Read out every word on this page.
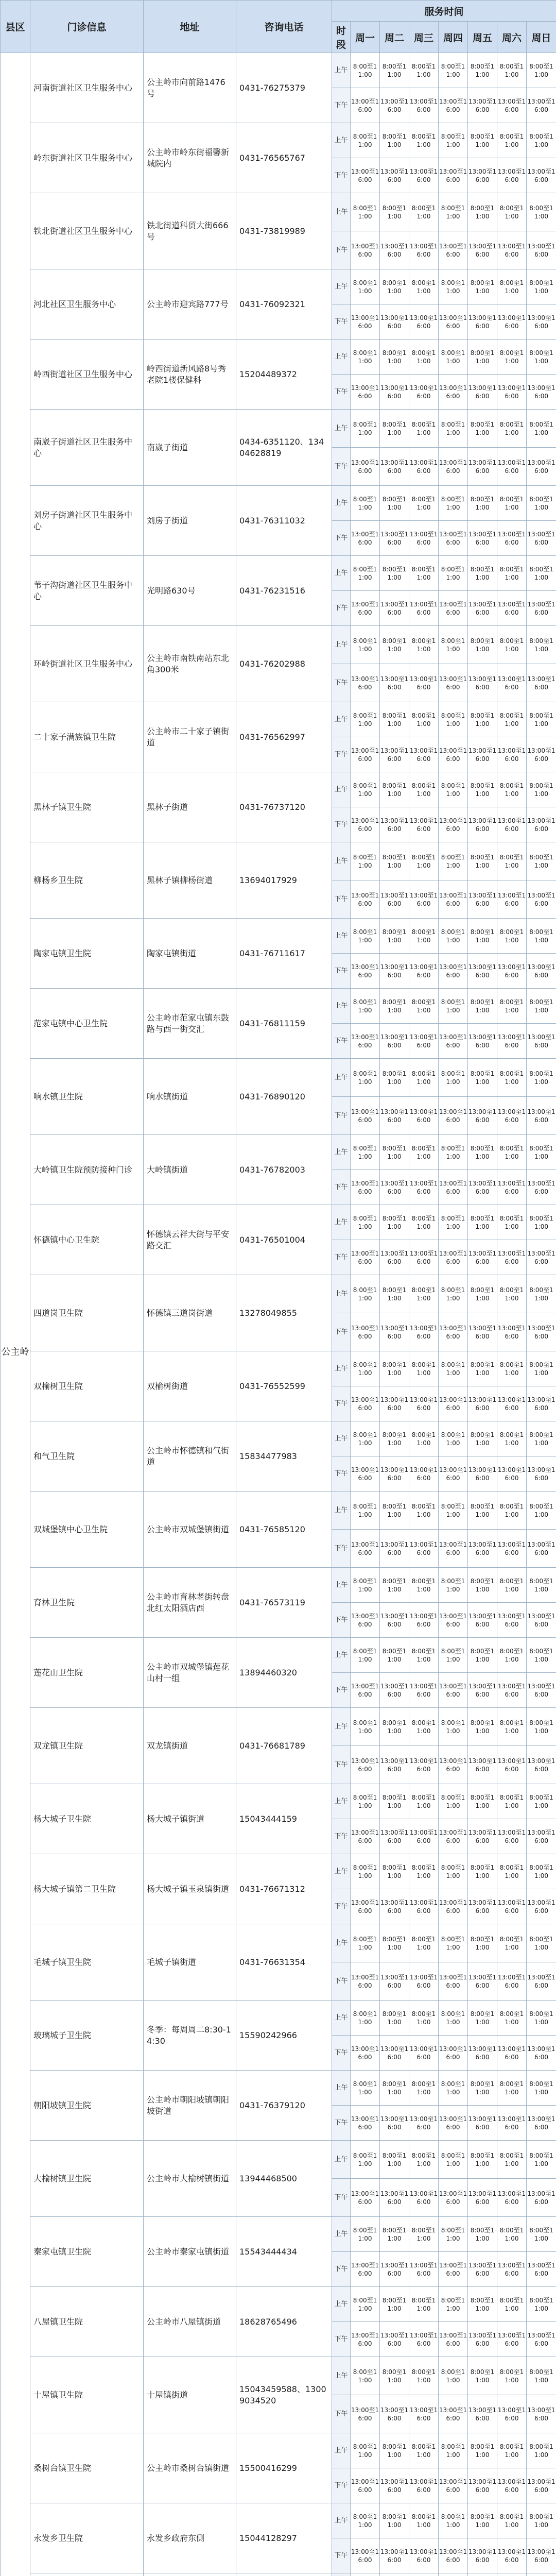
县区	门诊信息	地址	咨询电话	服务时间							
				时段	周一	周二	周三	周四	周五	周六	周日
公主岭	河南街道社区卫生服务中心	公主岭市向前路1476号	0431-76275379	上午	8:00至11:00	8:00至11:00	8:00至11:00	8:00至11:00	8:00至11:00	8:00至11:00	8:00至11:00
				下午	13:00至16:00	13:00至16:00	13:00至16:00	13:00至16:00	13:00至16:00	13:00至16:00	13:00至16:00
	岭东街道社区卫生服务中心	公主岭市岭东街福馨新城院内	0431-76565767	上午	8:00至11:00	8:00至11:00	8:00至11:00	8:00至11:00	8:00至11:00	8:00至11:00	8:00至11:00
				下午	13:00至16:00	13:00至16:00	13:00至16:00	13:00至16:00	13:00至16:00	13:00至16:00	13:00至16:00
	铁北街道社区卫生服务中心	铁北街道科贸大街666号	0431-73819989	上午	8:00至11:00	8:00至11:00	8:00至11:00	8:00至11:00	8:00至11:00	8:00至11:00	8:00至11:00
				下午	13:00至16:00	13:00至16:00	13:00至16:00	13:00至16:00	13:00至16:00	13:00至16:00	13:00至16:00
	河北社区卫生服务中心	公主岭市迎宾路777号	0431-76092321	上午	8:00至11:00	8:00至11:00	8:00至11:00	8:00至11:00	8:00至11:00	8:00至11:00	8:00至11:00
				下午	13:00至16:00	13:00至16:00	13:00至16:00	13:00至16:00	13:00至16:00	13:00至16:00	13:00至16:00
	岭西街道社区卫生服务中心	岭西街道新风路8号秀老院1楼保健科	15204489372	上午	8:00至11:00	8:00至11:00	8:00至11:00	8:00至11:00	8:00至11:00	8:00至11:00	8:00至11:00
				下午	13:00至16:00	13:00至16:00	13:00至16:00	13:00至16:00	13:00至16:00	13:00至16:00	13:00至16:00
	南崴子街道社区卫生服务中心	南崴子街道	0434-6351120、13404628819	上午	8:00至11:00	8:00至11:00	8:00至11:00	8:00至11:00	8:00至11:00	8:00至11:00	8:00至11:00
				下午	13:00至16:00	13:00至16:00	13:00至16:00	13:00至16:00	13:00至16:00	13:00至16:00	13:00至16:00
	刘房子街道社区卫生服务中心	刘房子街道	0431-76311032	上午	8:00至11:00	8:00至11:00	8:00至11:00	8:00至11:00	8:00至11:00	8:00至11:00	8:00至11:00
				下午	13:00至16:00	13:00至16:00	13:00至16:00	13:00至16:00	13:00至16:00	13:00至16:00	13:00至16:00
	苇子沟街道社区卫生服务中心	光明路630号	0431-76231516	上午	8:00至11:00	8:00至11:00	8:00至11:00	8:00至11:00	8:00至11:00	8:00至11:00	8:00至11:00
				下午	13:00至16:00	13:00至16:00	13:00至16:00	13:00至16:00	13:00至16:00	13:00至16:00	13:00至16:00
	环岭街道社区卫生服务中心	公主岭市南铁南站东北角300米	0431-76202988	上午	8:00至11:00	8:00至11:00	8:00至11:00	8:00至11:00	8:00至11:00	8:00至11:00	8:00至11:00
				下午	13:00至16:00	13:00至16:00	13:00至16:00	13:00至16:00	13:00至16:00	13:00至16:00	13:00至16:00
	二十家子满族镇卫生院	公主岭市二十家子镇街道	0431-76562997	上午	8:00至11:00	8:00至11:00	8:00至11:00	8:00至11:00	8:00至11:00	8:00至11:00	8:00至11:00
				下午	13:00至16:00	13:00至16:00	13:00至16:00	13:00至16:00	13:00至16:00	13:00至16:00	13:00至16:00
	黑林子镇卫生院	黑林子街道	0431-76737120	上午	8:00至11:00	8:00至11:00	8:00至11:00	8:00至11:00	8:00至11:00	8:00至11:00	8:00至11:00
				下午	13:00至16:00	13:00至16:00	13:00至16:00	13:00至16:00	13:00至16:00	13:00至16:00	13:00至16:00
	柳杨乡卫生院	黑林子镇柳杨街道	13694017929	上午	8:00至11:00	8:00至11:00	8:00至11:00	8:00至11:00	8:00至11:00	8:00至11:00	8:00至11:00
				下午	13:00至16:00	13:00至16:00	13:00至16:00	13:00至16:00	13:00至16:00	13:00至16:00	13:00至16:00
	陶家屯镇卫生院	陶家屯镇街道	0431-76711617	上午	8:00至11:00	8:00至11:00	8:00至11:00	8:00至11:00	8:00至11:00	8:00至11:00	8:00至11:00
				下午	13:00至16:00	13:00至16:00	13:00至16:00	13:00至16:00	13:00至16:00	13:00至16:00	13:00至16:00
	范家屯镇中心卫生院	公主岭市范家屯镇东鼓路与西一街交汇	0431-76811159	上午	8:00至11:00	8:00至11:00	8:00至11:00	8:00至11:00	8:00至11:00	8:00至11:00	8:00至11:00
				下午	13:00至16:00	13:00至16:00	13:00至16:00	13:00至16:00	13:00至16:00	13:00至16:00	13:00至16:00
	响水镇卫生院	响水镇街道	0431-76890120	上午	8:00至11:00	8:00至11:00	8:00至11:00	8:00至11:00	8:00至11:00	8:00至11:00	8:00至11:00
				下午	13:00至16:00	13:00至16:00	13:00至16:00	13:00至16:00	13:00至16:00	13:00至16:00	13:00至16:00
	大岭镇卫生院预防接种门诊	大岭镇街道	0431-76782003	上午	8:00至11:00	8:00至11:00	8:00至11:00	8:00至11:00	8:00至11:00	8:00至11:00	8:00至11:00
				下午	13:00至16:00	13:00至16:00	13:00至16:00	13:00至16:00	13:00至16:00	13:00至16:00	13:00至16:00
	怀德镇中心卫生院	怀德镇云祥大街与平安路交汇	0431-76501004	上午	8:00至11:00	8:00至11:00	8:00至11:00	8:00至11:00	8:00至11:00	8:00至11:00	8:00至11:00
				下午	13:00至16:00	13:00至16:00	13:00至16:00	13:00至16:00	13:00至16:00	13:00至16:00	13:00至16:00
	四道岗卫生院	怀德镇三道岗街道	13278049855	上午	8:00至11:00	8:00至11:00	8:00至11:00	8:00至11:00	8:00至11:00	8:00至11:00	8:00至11:00
				下午	13:00至16:00	13:00至16:00	13:00至16:00	13:00至16:00	13:00至16:00	13:00至16:00	13:00至16:00
	双榆树卫生院	双榆树街道	0431-76552599	上午	8:00至11:00	8:00至11:00	8:00至11:00	8:00至11:00	8:00至11:00	8:00至11:00	8:00至11:00
				下午	13:00至16:00	13:00至16:00	13:00至16:00	13:00至16:00	13:00至16:00	13:00至16:00	13:00至16:00
	和气卫生院	公主岭市怀德镇和气街道	15834477983	上午	8:00至11:00	8:00至11:00	8:00至11:00	8:00至11:00	8:00至11:00	8:00至11:00	8:00至11:00
				下午	13:00至16:00	13:00至16:00	13:00至16:00	13:00至16:00	13:00至16:00	13:00至16:00	13:00至16:00
	双城堡镇中心卫生院	公主岭市双城堡镇街道	0431-76585120	上午	8:00至11:00	8:00至11:00	8:00至11:00	8:00至11:00	8:00至11:00	8:00至11:00	8:00至11:00
				下午	13:00至16:00	13:00至16:00	13:00至16:00	13:00至16:00	13:00至16:00	13:00至16:00	13:00至16:00
	育林卫生院	公主岭市育林老街转盘北红太阳酒店西	0431-76573119	上午	8:00至11:00	8:00至11:00	8:00至11:00	8:00至11:00	8:00至11:00	8:00至11:00	8:00至11:00
				下午	13:00至16:00	13:00至16:00	13:00至16:00	13:00至16:00	13:00至16:00	13:00至16:00	13:00至16:00
	莲花山卫生院	公主岭市双城堡镇莲花山村一组	13894460320	上午	8:00至11:00	8:00至11:00	8:00至11:00	8:00至11:00	8:00至11:00	8:00至11:00	8:00至11:00
				下午	13:00至16:00	13:00至16:00	13:00至16:00	13:00至16:00	13:00至16:00	13:00至16:00	13:00至16:00
	双龙镇卫生院	双龙镇街道	0431-76681789	上午	8:00至11:00	8:00至11:00	8:00至11:00	8:00至11:00	8:00至11:00	8:00至11:00	8:00至11:00
				下午	13:00至16:00	13:00至16:00	13:00至16:00	13:00至16:00	13:00至16:00	13:00至16:00	13:00至16:00
	杨大城子卫生院	杨大城子镇街道	15043444159	上午	8:00至11:00	8:00至11:00	8:00至11:00	8:00至11:00	8:00至11:00	8:00至11:00	8:00至11:00
				下午	13:00至16:00	13:00至16:00	13:00至16:00	13:00至16:00	13:00至16:00	13:00至16:00	13:00至16:00
	杨大城子镇第二卫生院	杨大城子镇玉泉镇街道	0431-76671312	上午	8:00至11:00	8:00至11:00	8:00至11:00	8:00至11:00	8:00至11:00	8:00至11:00	8:00至11:00
				下午	13:00至16:00	13:00至16:00	13:00至16:00	13:00至16:00	13:00至16:00	13:00至16:00	13:00至16:00
	毛城子镇卫生院	毛城子镇街道	0431-76631354	上午	8:00至11:00	8:00至11:00	8:00至11:00	8:00至11:00	8:00至11:00	8:00至11:00	8:00至11:00
				下午	13:00至16:00	13:00至16:00	13:00至16:00	13:00至16:00	13:00至16:00	13:00至16:00	13:00至16:00
	玻璃城子卫生院	冬季：每周周二8:30-14:30	15590242966	上午	8:00至11:00	8:00至11:00	8:00至11:00	8:00至11:00	8:00至11:00	8:00至11:00	8:00至11:00
				下午	13:00至16:00	13:00至16:00	13:00至16:00	13:00至16:00	13:00至16:00	13:00至16:00	13:00至16:00
	朝阳坡镇卫生院	公主岭市朝阳坡镇朝阳坡街道	0431-76379120	上午	8:00至11:00	8:00至11:00	8:00至11:00	8:00至11:00	8:00至11:00	8:00至11:00	8:00至11:00
				下午	13:00至16:00	13:00至16:00	13:00至16:00	13:00至16:00	13:00至16:00	13:00至16:00	13:00至16:00
	大榆树镇卫生院	公主岭市大榆树镇街道	13944468500	上午	8:00至11:00	8:00至11:00	8:00至11:00	8:00至11:00	8:00至11:00	8:00至11:00	8:00至11:00
				下午	13:00至16:00	13:00至16:00	13:00至16:00	13:00至16:00	13:00至16:00	13:00至16:00	13:00至16:00
	秦家屯镇卫生院	公主岭市秦家屯镇街道	15543444434	上午	8:00至11:00	8:00至11:00	8:00至11:00	8:00至11:00	8:00至11:00	8:00至11:00	8:00至11:00
				下午	13:00至16:00	13:00至16:00	13:00至16:00	13:00至16:00	13:00至16:00	13:00至16:00	13:00至16:00
	八屋镇卫生院	公主岭市八屋镇街道	18628765496	上午	8:00至11:00	8:00至11:00	8:00至11:00	8:00至11:00	8:00至11:00	8:00至11:00	8:00至11:00
				下午	13:00至16:00	13:00至16:00	13:00至16:00	13:00至16:00	13:00至16:00	13:00至16:00	13:00至16:00
	十屋镇卫生院	十屋镇街道	15043459588、13009034520	上午	8:00至11:00	8:00至11:00	8:00至11:00	8:00至11:00	8:00至11:00	8:00至11:00	8:00至11:00
				下午	13:00至16:00	13:00至16:00	13:00至16:00	13:00至16:00	13:00至16:00	13:00至16:00	13:00至16:00
	桑树台镇卫生院	公主岭市桑树台镇街道	15500416299	上午	8:00至11:00	8:00至11:00	8:00至11:00	8:00至11:00	8:00至11:00	8:00至11:00	8:00至11:00
				下午	13:00至16:00	13:00至16:00	13:00至16:00	13:00至16:00	13:00至16:00	13:00至16:00	13:00至16:00
	永发乡卫生院	永发乡政府东侧	15044128297	上午	8:00至11:00	8:00至11:00	8:00至11:00	8:00至11:00	8:00至11:00	8:00至11:00	8:00至11:00
				下午	13:00至16:00	13:00至16:00	13:00至16:00	13:00至16:00	13:00至16:00	13:00至16:00	13:00至16:00
